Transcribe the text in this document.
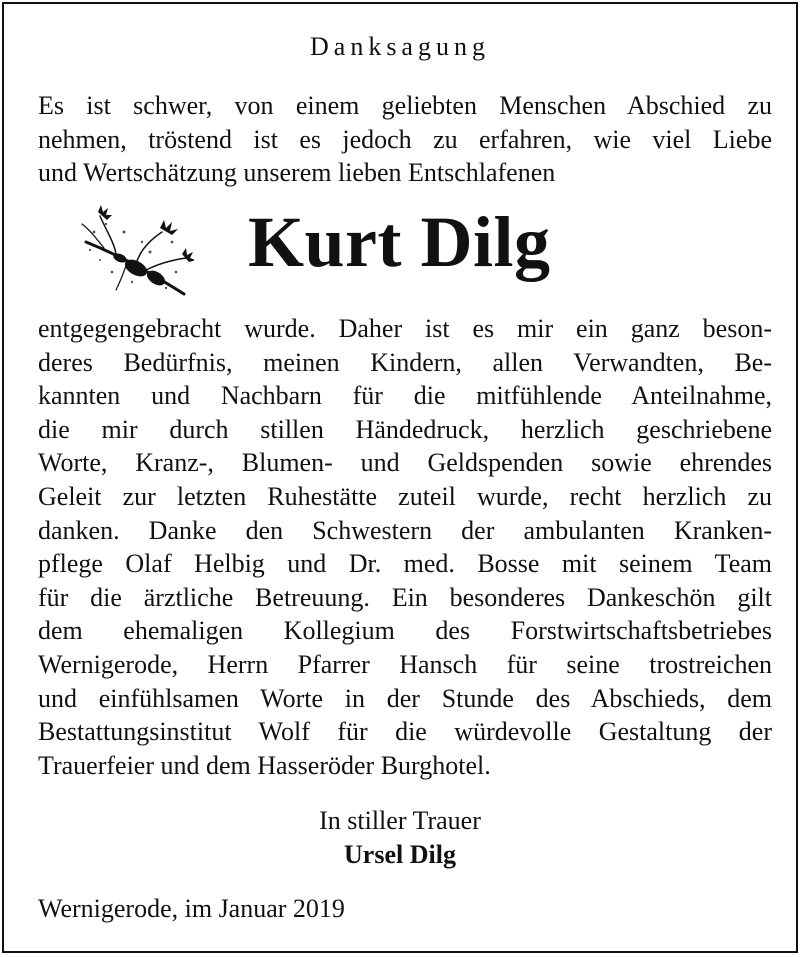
Danksagung
Es ist schwer, von einem geliebten Menschen Abschied zu
nehmen, tröstend ist es jedoch zu erfahren, wie viel Liebe
und Wertschätzung unserem lieben Entschlafenen
Kurt Dilg
entgegengebracht wurde. Daher ist es mir ein ganz beson-
deres Bedürfnis, meinen Kindern, allen Verwandten, Be-
kannten und Nachbarn für die mitfühlende Anteilnahme,
die mir durch stillen Händedruck, herzlich geschriebene
Worte, Kranz-, Blumen- und Geldspenden sowie ehrendes
Geleit zur letzten Ruhestätte zuteil wurde, recht herzlich zu
danken. Danke den Schwestern der ambulanten Kranken-
pflege Olaf Helbig und Dr. med. Bosse mit seinem Team
für die ärztliche Betreuung. Ein besonderes Dankeschön gilt
dem ehemaligen Kollegium des Forstwirtschaftsbetriebes
Wernigerode, Herrn Pfarrer Hansch für seine trostreichen
und einfühlsamen Worte in der Stunde des Abschieds, dem
Bestattungsinstitut Wolf für die würdevolle Gestaltung der
Trauerfeier und dem Hasseröder Burghotel.
In stiller Trauer
Ursel Dilg
Wernigerode, im Januar 2019
